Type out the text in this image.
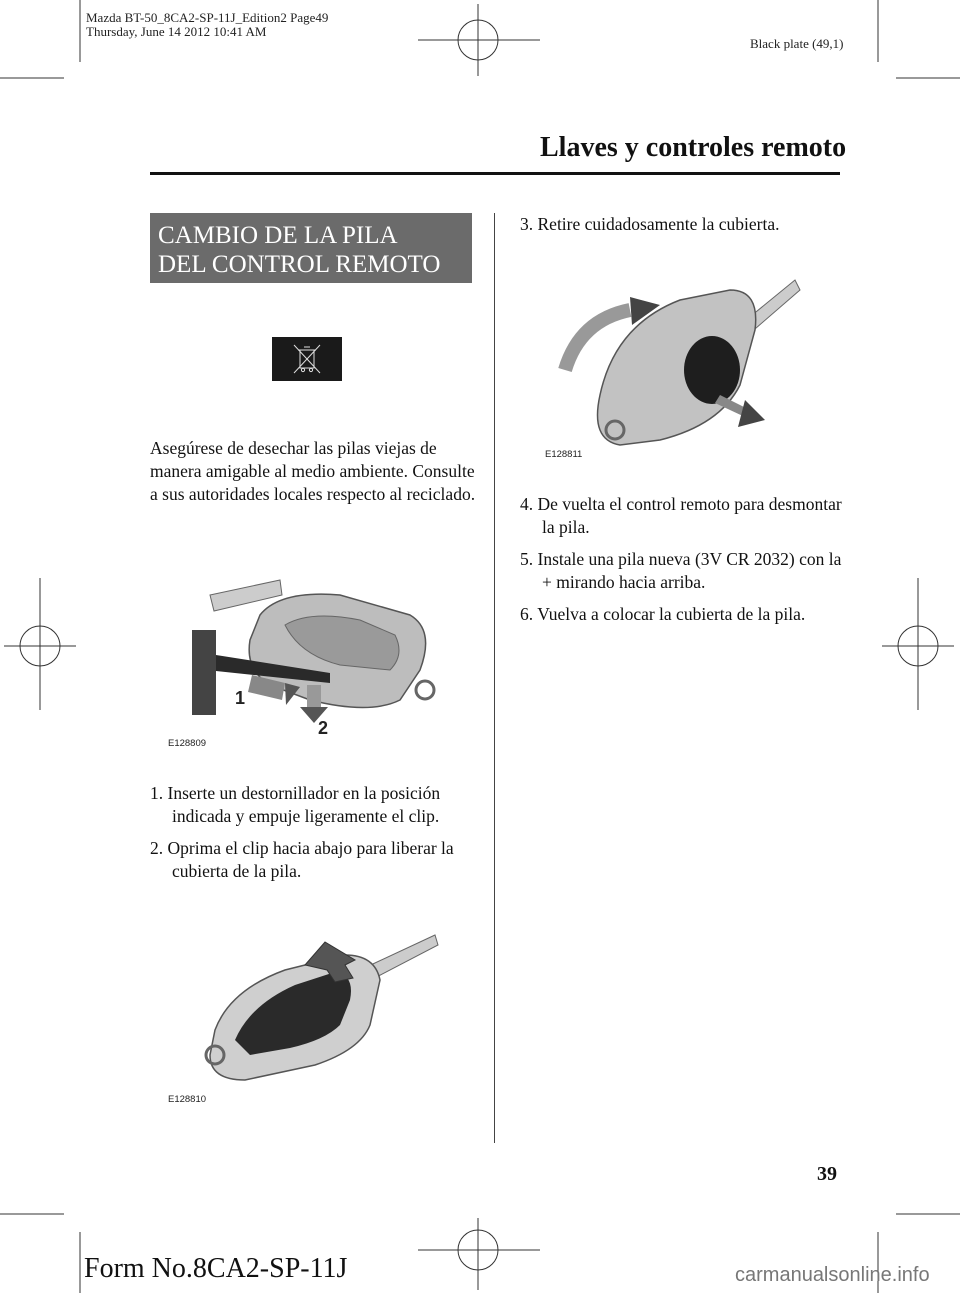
Mazda BT-50_8CA2-SP-11J_Edition2 Page49
Thursday, June 14 2012 10:41 AM
Black plate (49,1)
Llaves y controles remoto
CAMBIO DE LA PILA
DEL CONTROL REMOTO
Asegúrese de desechar las pilas viejas de manera amigable al medio ambiente. Consulte a sus autoridades locales respecto al reciclado.
1
2
E128809
1. Inserte un destornillador en la posición indicada y empuje ligeramente el clip.
2. Oprima el clip hacia abajo para liberar la cubierta de la pila.
E128810
3. Retire cuidadosamente la cubierta.
E128811
4. De vuelta el control remoto para desmontar la pila.
5. Instale una pila nueva (3V CR 2032) con la + mirando hacia arriba.
6. Vuelva a colocar la cubierta de la pila.
39
Form No.8CA2-SP-11J	carmanualsonline.info
